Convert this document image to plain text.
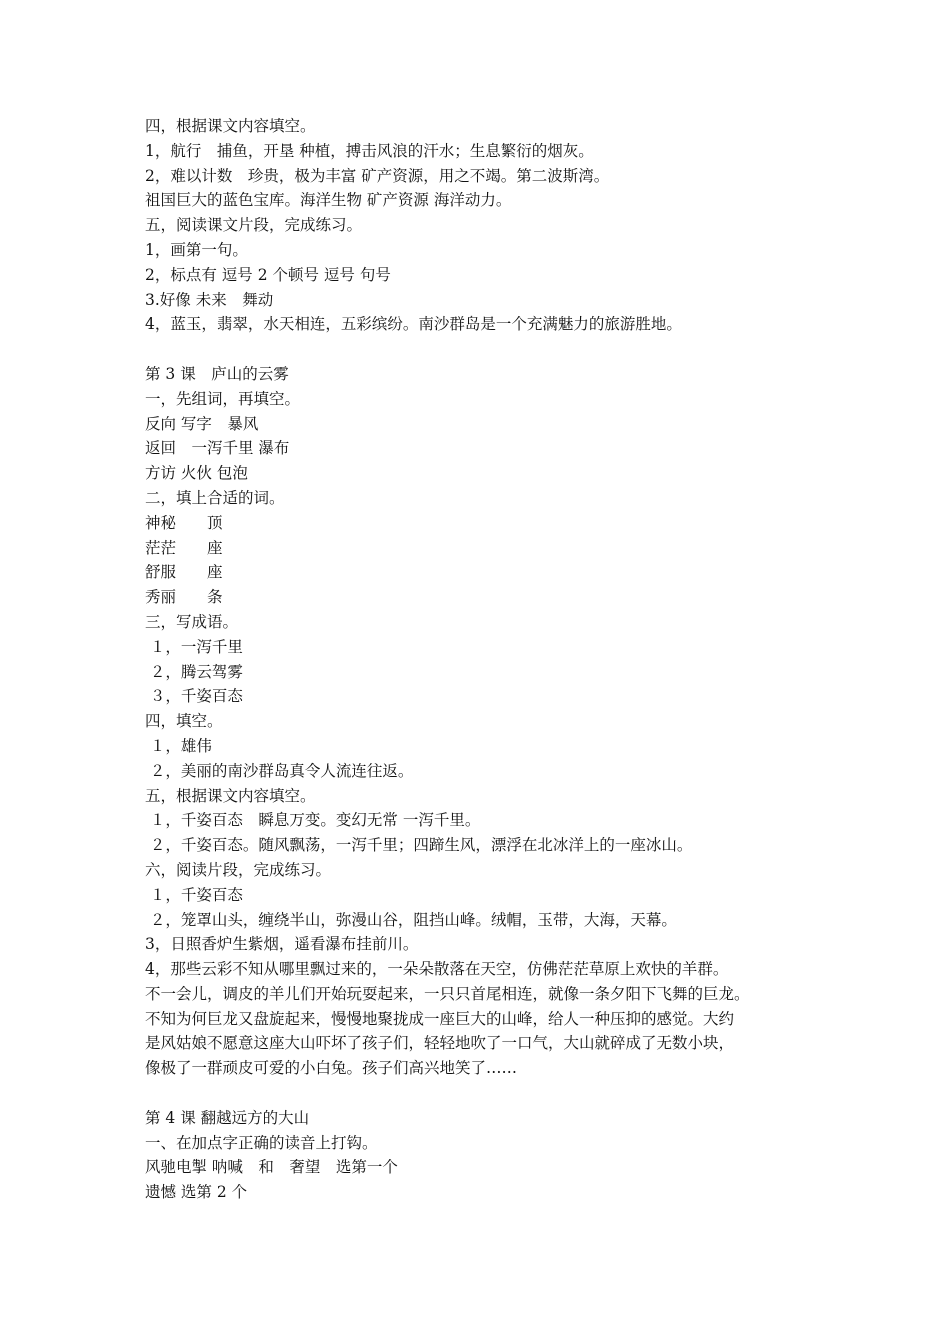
四，根据课文内容填空。
1，航行　捕鱼，开垦 种植，搏击风浪的汗水；生息繁衍的烟灰。
2，难以计数　珍贵，极为丰富 矿产资源，用之不竭。第二波斯湾。
祖国巨大的蓝色宝库。海洋生物 矿产资源 海洋动力。
五，阅读课文片段，完成练习。
1，画第一句。
2，标点有 逗号 2 个顿号 逗号 句号
3.好像 未来　舞动
4，蓝玉，翡翠，水天相连，五彩缤纷。南沙群岛是一个充满魅力的旅游胜地。
第 3 课　庐山的云雾
一，先组词，再填空。
反向 写字　暴风
返回　一泻千里 瀑布
方访 火伙 包泡
二，填上合适的词。
神秘　　顶
茫茫　　座
舒服　　座
秀丽　　条
三，写成语。
１，一泻千里
２，腾云驾雾
３，千姿百态
四，填空。
１，雄伟
２，美丽的南沙群岛真令人流连往返。
五，根据课文内容填空。
１，千姿百态　瞬息万变。变幻无常 一泻千里。
２，千姿百态。随风飘荡，一泻千里；四蹄生风，漂浮在北冰洋上的一座冰山。
六，阅读片段，完成练习。
１，千姿百态
２，笼罩山头，缠绕半山，弥漫山谷，阻挡山峰。绒帽，玉带，大海，天幕。
3，日照香炉生紫烟，遥看瀑布挂前川。
4，那些云彩不知从哪里飘过来的，一朵朵散落在天空，仿佛茫茫草原上欢快的羊群。
不一会儿，调皮的羊儿们开始玩耍起来，一只只首尾相连，就像一条夕阳下飞舞的巨龙。
不知为何巨龙又盘旋起来，慢慢地聚拢成一座巨大的山峰，给人一种压抑的感觉。大约
是风姑娘不愿意这座大山吓坏了孩子们，轻轻地吹了一口气，大山就碎成了无数小块，
像极了一群顽皮可爱的小白兔。孩子们高兴地笑了……
第 4 课 翻越远方的大山
一、在加点字正确的读音上打钩。
风驰电掣 呐喊　和　奢望　选第一个
遗憾 选第 2 个
